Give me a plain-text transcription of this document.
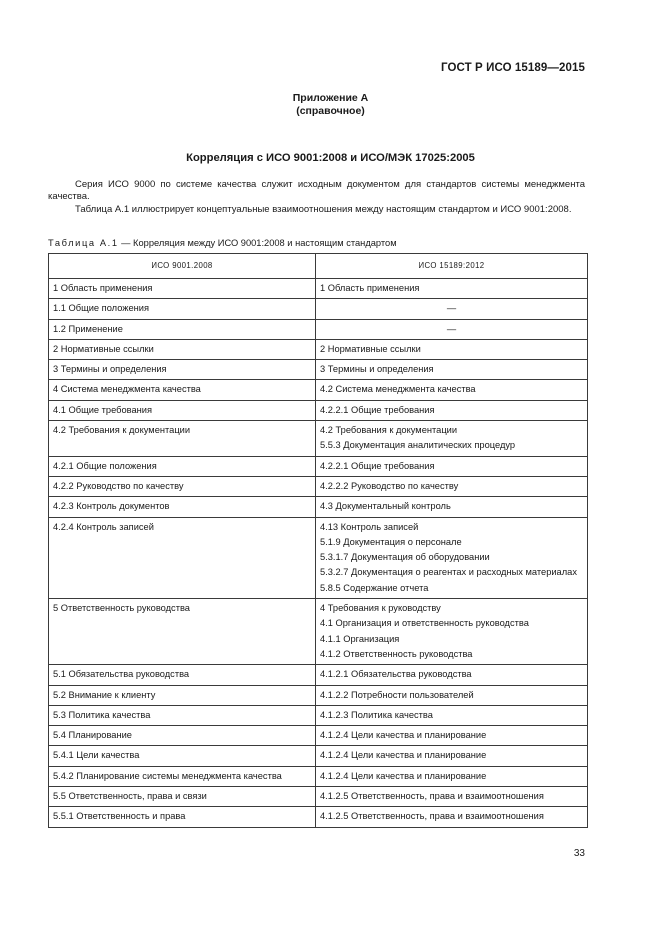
ГОСТ Р ИСО 15189—2015
Приложение А
(справочное)
Корреляция с ИСО 9001:2008 и ИСО/МЭК 17025:2005

Серия ИСО 9000 по системе качества служит исходным документом для стандартов системы менеджмента качества.

Таблица А.1 иллюстрирует концептуальные взаимоотношения между настоящим стандартом и ИСО 9001:2008.

Таблица А.1 — Корреляция между ИСО 9001:2008 и настоящим стандартом
ИСО 9001.2008	ИСО 15189:2012
1 Область применения	1 Область применения

1.1 Общие положения	—

1.2 Применение	—

2 Нормативные ссылки	2 Нормативные ссылки

3 Термины и определения	3 Термины и определения

4 Система менеджмента качества	4.2 Система менеджмента качества

4.1 Общие требования	4.2.2.1 Общие требования

4.2 Требования к документации	4.2 Требования к документации
5.5.3 Документация аналитических процедур

4.2.1 Общие положения	4.2.2.1 Общие требования

4.2.2 Руководство по качеству	4.2.2.2 Руководство по качеству

4.2.3 Контроль документов	4.3 Документальный контроль

4.2.4 Контроль записей	4.13 Контроль записей
5.1.9 Документация о персонале
5.3.1.7 Документация об оборудовании
5.3.2.7 Документация о реагентах и расходных материалах
5.8.5 Содержание отчета

5 Ответственность руководства	4 Требования к руководству
4.1 Организация и ответственность руководства
4.1.1 Организация
4.1.2 Ответственность руководства

5.1 Обязательства руководства	4.1.2.1 Обязательства руководства

5.2 Внимание к клиенту	4.1.2.2 Потребности пользователей

5.3 Политика качества	4.1.2.3 Политика качества

5.4 Планирование	4.1.2.4 Цели качества и планирование

5.4.1 Цели качества	4.1.2.4 Цели качества и планирование

5.4.2 Планирование системы менеджмента качества	4.1.2.4 Цели качества и планирование

5.5 Ответственность, права и связи	4.1.2.5 Ответственность, права и взаимоотношения

5.5.1 Ответственность и права	4.1.2.5 Ответственность, права и взаимоотношения
33
